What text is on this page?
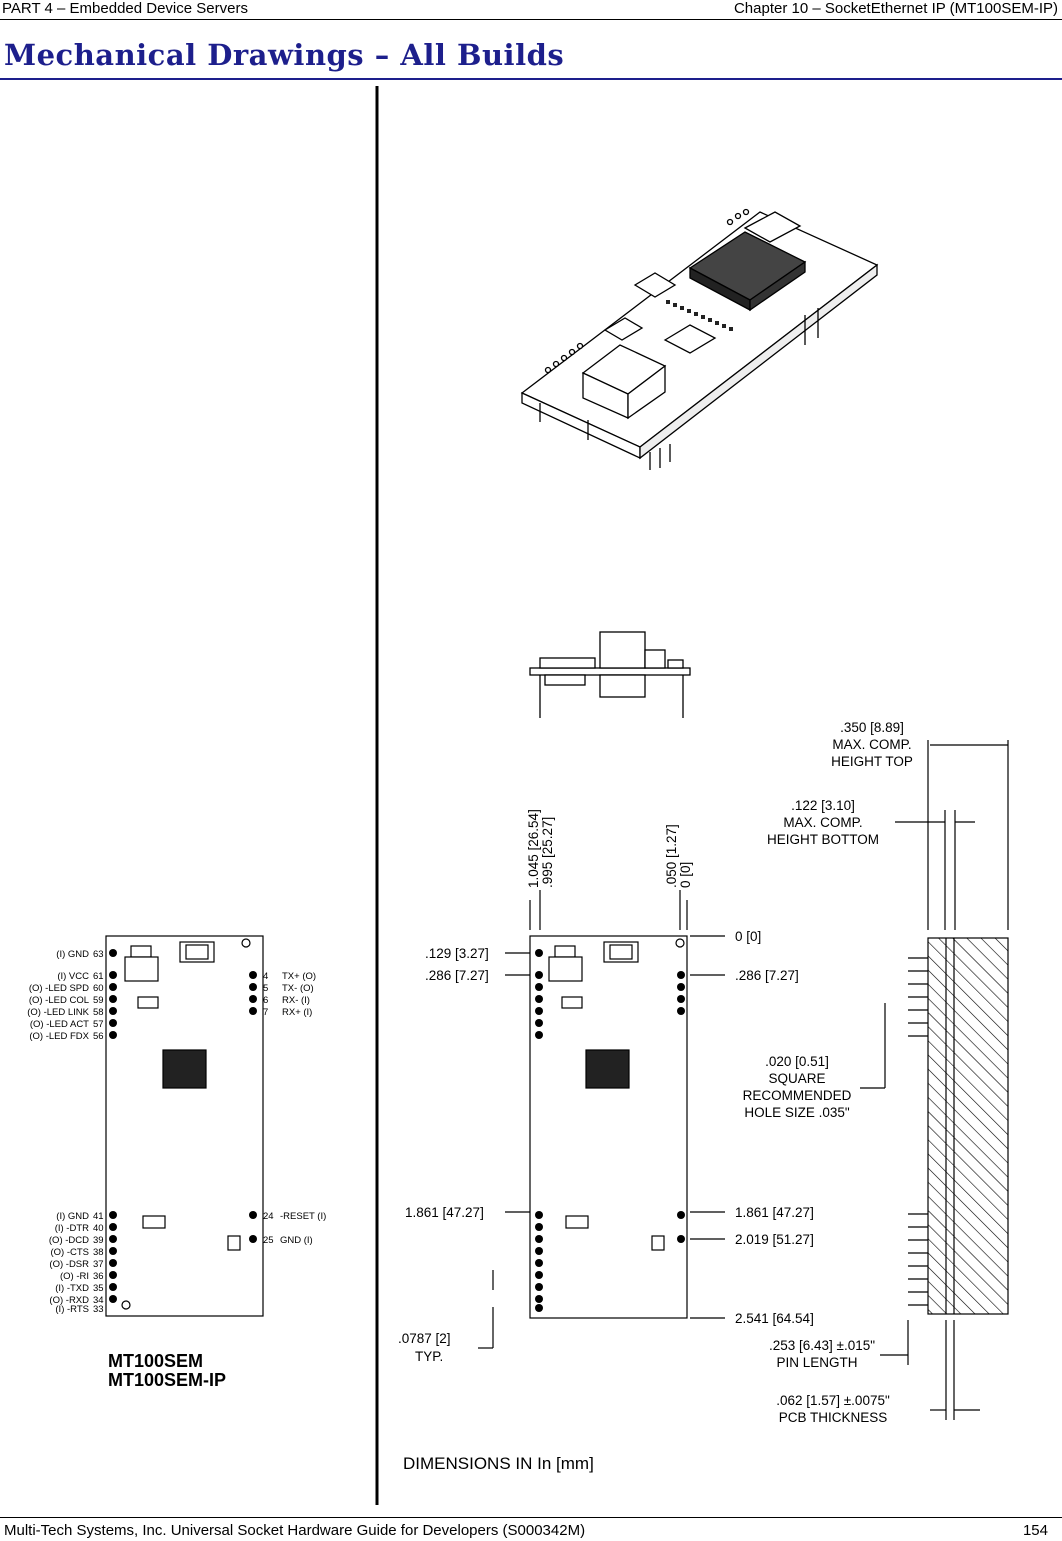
PART 4 – Embedded Device Servers	Chapter 10 – SocketEthernet IP (MT100SEM-IP)
Mechanical Drawings – All Builds
(I) GND 63
(I) VCC 61
(O) -LED SPD 60
(O) -LED COL 59
(O) -LED LINK 58
(O) -LED ACT 57
(O) -LED FDX 56
4 TX+ (O)
5 TX- (O)
6 RX- (I)
7 RX+ (I)
(I) GND 41
(I) -DTR 40
(O) -DCD 39
(O) -CTS 38
(O) -DSR 37
(O) -RI 36
(I) -TXD 35
(O) -RXD 34
(I) -RTS 33
24 -RESET (I)
25 GND (I)
MT100SEM
MT100SEM-IP
.129 [3.27]
.286 [7.27]
1.861 [47.27]
0 [0]
.286 [7.27]
1.861 [47.27]
2.019 [51.27]
2.541 [64.54]
1.045 [26.54] .995 [25.27]	.050 [1.27] 0 [0]
.0787 [2]
TYP.
.350 [8.89]
MAX. COMP.
HEIGHT TOP
.122 [3.10]
MAX. COMP.
HEIGHT BOTTOM
.020 [0.51]
SQUARE
RECOMMENDED
HOLE SIZE .035"
.253 [6.43] ±.015"
PIN LENGTH
.062 [1.57] ±.0075"
PCB THICKNESS
DIMENSIONS IN In [mm]
Multi-Tech Systems, Inc. Universal Socket Hardware Guide for Developers (S000342M)	154
